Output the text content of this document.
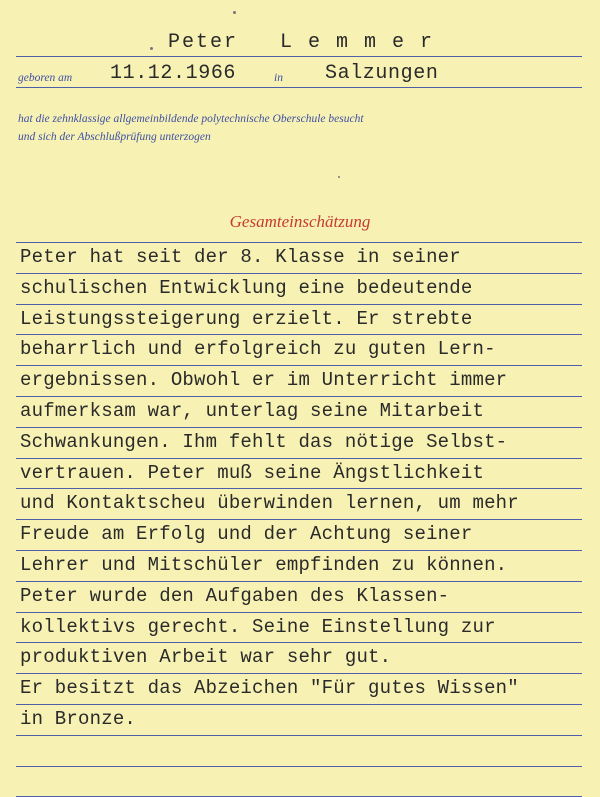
Peter   L e m m e r
geboren am 11.12.1966	in Salzungen
hat die zehnklassige allgemeinbildende polytechnische Oberschule besucht
und sich der Abschlußprüfung unterzogen
Gesamteinschätzung
Peter hat seit der 8. Klasse in seiner
schulischen Entwicklung eine bedeutende
Leistungssteigerung erzielt. Er strebte
beharrlich und erfolgreich zu guten Lern-
ergebnissen. Obwohl er im Unterricht immer
aufmerksam war, unterlag seine Mitarbeit
Schwankungen. Ihm fehlt das nötige Selbst-
vertrauen. Peter muß seine Ängstlichkeit
und Kontaktscheu überwinden lernen, um mehr
Freude am Erfolg und der Achtung seiner
Lehrer und Mitschüler empfinden zu können.
Peter wurde den Aufgaben des Klassen-
kollektivs gerecht. Seine Einstellung zur
produktiven Arbeit war sehr gut.
Er besitzt das Abzeichen "Für gutes Wissen"
in Bronze.
